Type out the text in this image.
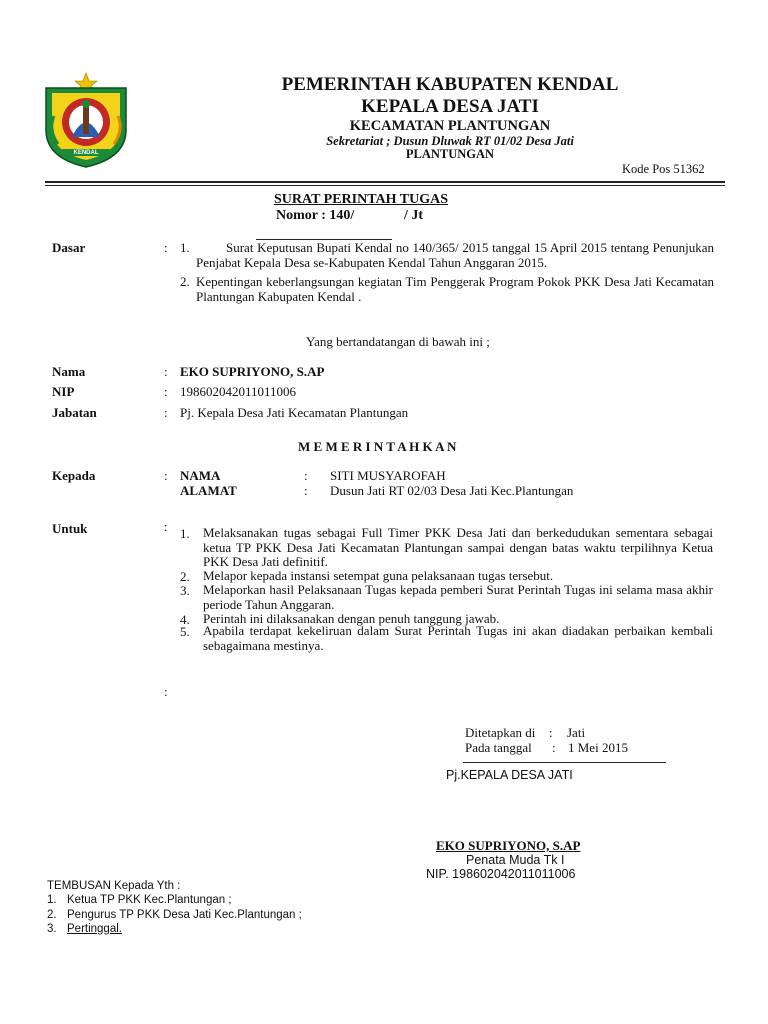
KENDAL
PEMERINTAH KABUPATEN KENDAL
KEPALA DESA JATI
KECAMATAN PLANTUNGAN
Sekretariat ; Dusun Dluwak RT 01/02 Desa Jati
PLANTUNGAN
Kode Pos 51362
SURAT PERINTAH TUGAS
Nomor : 140/	/ Jt
Dasar	: 1.	Surat Keputusan Bupati Kendal no 140/365/ 2015 tanggal 15 April 2015 tentang Penunjukan Penjabat Kepala Desa se-Kabupaten Kendal Tahun Anggaran 2015.
2. Kepentingan keberlangsungan kegiatan Tim Penggerak Program Pokok PKK Desa Jati Kecamatan Plantungan Kabupaten Kendal .
Yang bertandatangan di bawah ini ;
Nama	: EKO SUPRIYONO, S.AP
NIP	: 198602042011011006
Jabatan	: Pj. Kepala Desa Jati Kecamatan Plantungan
M E M E R I N T A H K A N
Kepada	: NAMA	: SITI MUSYAROFAH
ALAMAT	: Dusun Jati RT 02/03 Desa Jati Kec.Plantungan
Untuk	: 1. Melaksanakan tugas sebagai Full Timer PKK Desa Jati dan berkedudukan sementara sebagai ketua TP PKK Desa Jati Kecamatan Plantungan sampai dengan batas waktu terpilihnya Ketua PKK Desa Jati definitif.
2. Melapor kepada instansi setempat guna pelaksanaan tugas tersebut.
3. Melaporkan hasil Pelaksanaan Tugas kepada pemberi Surat Perintah Tugas ini selama masa akhir periode Tahun Anggaran.
4. Perintah ini dilaksanakan dengan penuh tanggung jawab.
5. Apabila terdapat kekeliruan dalam Surat Perintah Tugas ini akan diadakan perbaikan kembali sebagaimana mestinya.
:
Ditetapkan di : Jati
Pada tanggal : 1 Mei 2015
Pj.KEPALA DESA JATI
EKO SUPRIYONO, S.AP
Penata Muda Tk I
NIP. 198602042011011006
TEMBUSAN Kepada Yth :
1. Ketua TP PKK Kec.Plantungan ;
2. Pengurus TP PKK Desa Jati Kec.Plantungan ;
3. Pertinggal.
